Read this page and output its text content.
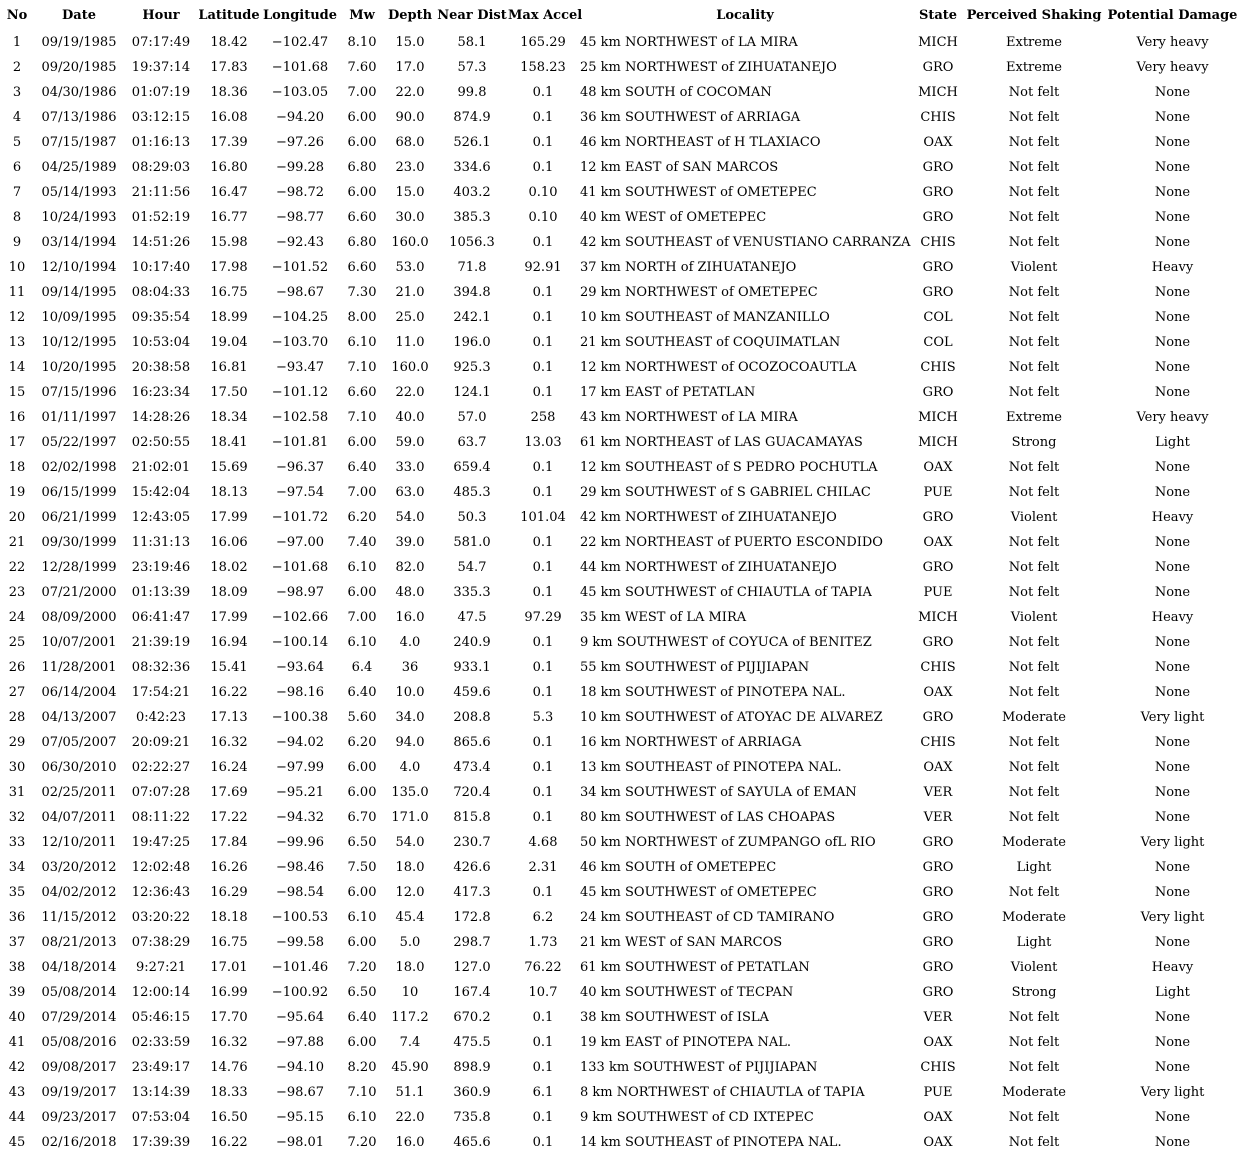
No	Date	Hour	Latitude	Longitude	Mw	Depth	Near Dist	Max Accel	Locality	State	Perceived Shaking	Potential Damage
1	09/19/1985	07:17:49	18.42	−102.47	8.10	15.0	58.1	165.29	45 km NORTHWEST of LA MIRA	MICH	Extreme	Very heavy
2	09/20/1985	19:37:14	17.83	−101.68	7.60	17.0	57.3	158.23	25 km NORTHWEST of ZIHUATANEJO	GRO	Extreme	Very heavy
3	04/30/1986	01:07:19	18.36	−103.05	7.00	22.0	99.8	0.1	48 km SOUTH of COCOMAN	MICH	Not felt	None
4	07/13/1986	03:12:15	16.08	−94.20	6.00	90.0	874.9	0.1	36 km SOUTHWEST of ARRIAGA	CHIS	Not felt	None
5	07/15/1987	01:16:13	17.39	−97.26	6.00	68.0	526.1	0.1	46 km NORTHEAST of H TLAXIACO	OAX	Not felt	None
6	04/25/1989	08:29:03	16.80	−99.28	6.80	23.0	334.6	0.1	12 km EAST of SAN MARCOS	GRO	Not felt	None
7	05/14/1993	21:11:56	16.47	−98.72	6.00	15.0	403.2	0.10	41 km SOUTHWEST of OMETEPEC	GRO	Not felt	None
8	10/24/1993	01:52:19	16.77	−98.77	6.60	30.0	385.3	0.10	40 km WEST of OMETEPEC	GRO	Not felt	None
9	03/14/1994	14:51:26	15.98	−92.43	6.80	160.0	1056.3	0.1	42 km SOUTHEAST of VENUSTIANO CARRANZA	CHIS	Not felt	None
10	12/10/1994	10:17:40	17.98	−101.52	6.60	53.0	71.8	92.91	37 km NORTH of ZIHUATANEJO	GRO	Violent	Heavy
11	09/14/1995	08:04:33	16.75	−98.67	7.30	21.0	394.8	0.1	29 km NORTHWEST of OMETEPEC	GRO	Not felt	None
12	10/09/1995	09:35:54	18.99	−104.25	8.00	25.0	242.1	0.1	10 km SOUTHEAST of MANZANILLO	COL	Not felt	None
13	10/12/1995	10:53:04	19.04	−103.70	6.10	11.0	196.0	0.1	21 km SOUTHEAST of COQUIMATLAN	COL	Not felt	None
14	10/20/1995	20:38:58	16.81	−93.47	7.10	160.0	925.3	0.1	12 km NORTHWEST of OCOZOCOAUTLA	CHIS	Not felt	None
15	07/15/1996	16:23:34	17.50	−101.12	6.60	22.0	124.1	0.1	17 km EAST of PETATLAN	GRO	Not felt	None
16	01/11/1997	14:28:26	18.34	−102.58	7.10	40.0	57.0	258	43 km NORTHWEST of LA MIRA	MICH	Extreme	Very heavy
17	05/22/1997	02:50:55	18.41	−101.81	6.00	59.0	63.7	13.03	61 km NORTHEAST of LAS GUACAMAYAS	MICH	Strong	Light
18	02/02/1998	21:02:01	15.69	−96.37	6.40	33.0	659.4	0.1	12 km SOUTHEAST of S PEDRO POCHUTLA	OAX	Not felt	None
19	06/15/1999	15:42:04	18.13	−97.54	7.00	63.0	485.3	0.1	29 km SOUTHWEST of S GABRIEL CHILAC	PUE	Not felt	None
20	06/21/1999	12:43:05	17.99	−101.72	6.20	54.0	50.3	101.04	42 km NORTHWEST of ZIHUATANEJO	GRO	Violent	Heavy
21	09/30/1999	11:31:13	16.06	−97.00	7.40	39.0	581.0	0.1	22 km NORTHEAST of PUERTO ESCONDIDO	OAX	Not felt	None
22	12/28/1999	23:19:46	18.02	−101.68	6.10	82.0	54.7	0.1	44 km NORTHWEST of ZIHUATANEJO	GRO	Not felt	None
23	07/21/2000	01:13:39	18.09	−98.97	6.00	48.0	335.3	0.1	45 km SOUTHWEST of CHIAUTLA of TAPIA	PUE	Not felt	None
24	08/09/2000	06:41:47	17.99	−102.66	7.00	16.0	47.5	97.29	35 km WEST of LA MIRA	MICH	Violent	Heavy
25	10/07/2001	21:39:19	16.94	−100.14	6.10	4.0	240.9	0.1	9 km SOUTHWEST of COYUCA of BENITEZ	GRO	Not felt	None
26	11/28/2001	08:32:36	15.41	−93.64	6.4	36	933.1	0.1	55 km SOUTHWEST of PIJIJIAPAN	CHIS	Not felt	None
27	06/14/2004	17:54:21	16.22	−98.16	6.40	10.0	459.6	0.1	18 km SOUTHWEST of PINOTEPA NAL.	OAX	Not felt	None
28	04/13/2007	0:42:23	17.13	−100.38	5.60	34.0	208.8	5.3	10 km SOUTHWEST of ATOYAC DE ALVAREZ	GRO	Moderate	Very light
29	07/05/2007	20:09:21	16.32	−94.02	6.20	94.0	865.6	0.1	16 km NORTHWEST of ARRIAGA	CHIS	Not felt	None
30	06/30/2010	02:22:27	16.24	−97.99	6.00	4.0	473.4	0.1	13 km SOUTHEAST of PINOTEPA NAL.	OAX	Not felt	None
31	02/25/2011	07:07:28	17.69	−95.21	6.00	135.0	720.4	0.1	34 km SOUTHWEST of SAYULA of EMAN	VER	Not felt	None
32	04/07/2011	08:11:22	17.22	−94.32	6.70	171.0	815.8	0.1	80 km SOUTHWEST of LAS CHOAPAS	VER	Not felt	None
33	12/10/2011	19:47:25	17.84	−99.96	6.50	54.0	230.7	4.68	50 km NORTHWEST of ZUMPANGO ofL RIO	GRO	Moderate	Very light
34	03/20/2012	12:02:48	16.26	−98.46	7.50	18.0	426.6	2.31	46 km SOUTH of OMETEPEC	GRO	Light	None
35	04/02/2012	12:36:43	16.29	−98.54	6.00	12.0	417.3	0.1	45 km SOUTHWEST of OMETEPEC	GRO	Not felt	None
36	11/15/2012	03:20:22	18.18	−100.53	6.10	45.4	172.8	6.2	24 km SOUTHEAST of CD TAMIRANO	GRO	Moderate	Very light
37	08/21/2013	07:38:29	16.75	−99.58	6.00	5.0	298.7	1.73	21 km WEST of SAN MARCOS	GRO	Light	None
38	04/18/2014	9:27:21	17.01	−101.46	7.20	18.0	127.0	76.22	61 km SOUTHWEST of PETATLAN	GRO	Violent	Heavy
39	05/08/2014	12:00:14	16.99	−100.92	6.50	10	167.4	10.7	40 km SOUTHWEST of TECPAN	GRO	Strong	Light
40	07/29/2014	05:46:15	17.70	−95.64	6.40	117.2	670.2	0.1	38 km SOUTHWEST of ISLA	VER	Not felt	None
41	05/08/2016	02:33:59	16.32	−97.88	6.00	7.4	475.5	0.1	19 km EAST of PINOTEPA NAL.	OAX	Not felt	None
42	09/08/2017	23:49:17	14.76	−94.10	8.20	45.90	898.9	0.1	133 km SOUTHWEST of PIJIJIAPAN	CHIS	Not felt	None
43	09/19/2017	13:14:39	18.33	−98.67	7.10	51.1	360.9	6.1	8 km NORTHWEST of CHIAUTLA of TAPIA	PUE	Moderate	Very light
44	09/23/2017	07:53:04	16.50	−95.15	6.10	22.0	735.8	0.1	9 km SOUTHWEST of CD IXTEPEC	OAX	Not felt	None
45	02/16/2018	17:39:39	16.22	−98.01	7.20	16.0	465.6	0.1	14 km SOUTHEAST of PINOTEPA NAL.	OAX	Not felt	None
